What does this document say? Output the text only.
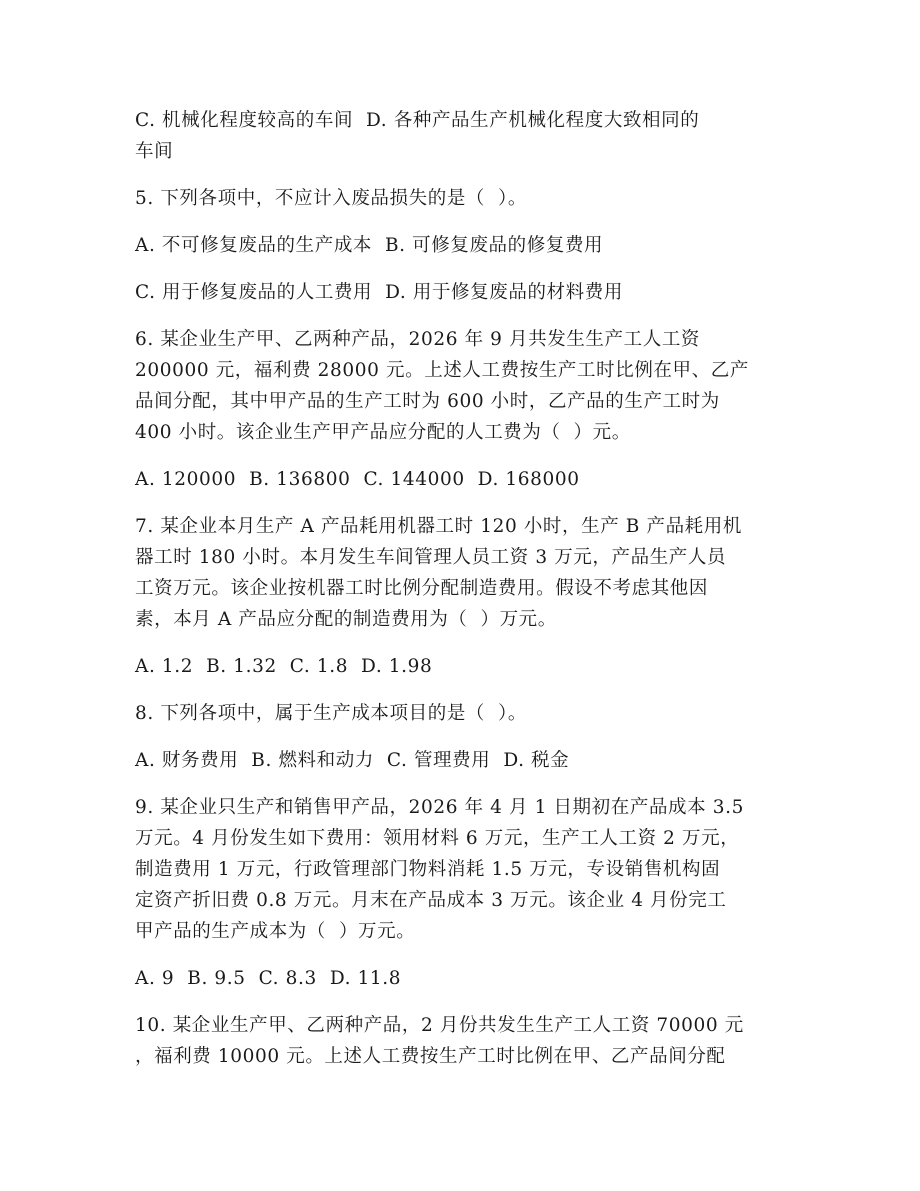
C. 机械化程度较高的车间  D. 各种产品生产机械化程度大致相同的
车间

5. 下列各项中，不应计入废品损失的是（  ）。

A. 不可修复废品的生产成本  B. 可修复废品的修复费用

C. 用于修复废品的人工费用  D. 用于修复废品的材料费用

6. 某企业生产甲、乙两种产品，2026 年 9 月共发生生产工人工资
200000 元，福利费 28000 元。上述人工费按生产工时比例在甲、乙产
品间分配，其中甲产品的生产工时为 600 小时，乙产品的生产工时为
400 小时。该企业生产甲产品应分配的人工费为（  ）元。

A. 120000  B. 136800  C. 144000  D. 168000

7. 某企业本月生产 A 产品耗用机器工时 120 小时，生产 B 产品耗用机
器工时 180 小时。本月发生车间管理人员工资 3 万元，产品生产人员
工资万元。该企业按机器工时比例分配制造费用。假设不考虑其他因
素，本月 A 产品应分配的制造费用为（  ）万元。

A. 1.2  B. 1.32  C. 1.8  D. 1.98

8. 下列各项中，属于生产成本项目的是（  ）。

A. 财务费用  B. 燃料和动力  C. 管理费用  D. 税金

9. 某企业只生产和销售甲产品，2026 年 4 月 1 日期初在产品成本 3.5
万元。4 月份发生如下费用：领用材料 6 万元，生产工人工资 2 万元，
制造费用 1 万元，行政管理部门物料消耗 1.5 万元，专设销售机构固
定资产折旧费 0.8 万元。月末在产品成本 3 万元。该企业 4 月份完工
甲产品的生产成本为（  ）万元。

A. 9  B. 9.5  C. 8.3  D. 11.8

10. 某企业生产甲、乙两种产品，2 月份共发生生产工人工资 70000 元
，福利费 10000 元。上述人工费按生产工时比例在甲、乙产品间分配
